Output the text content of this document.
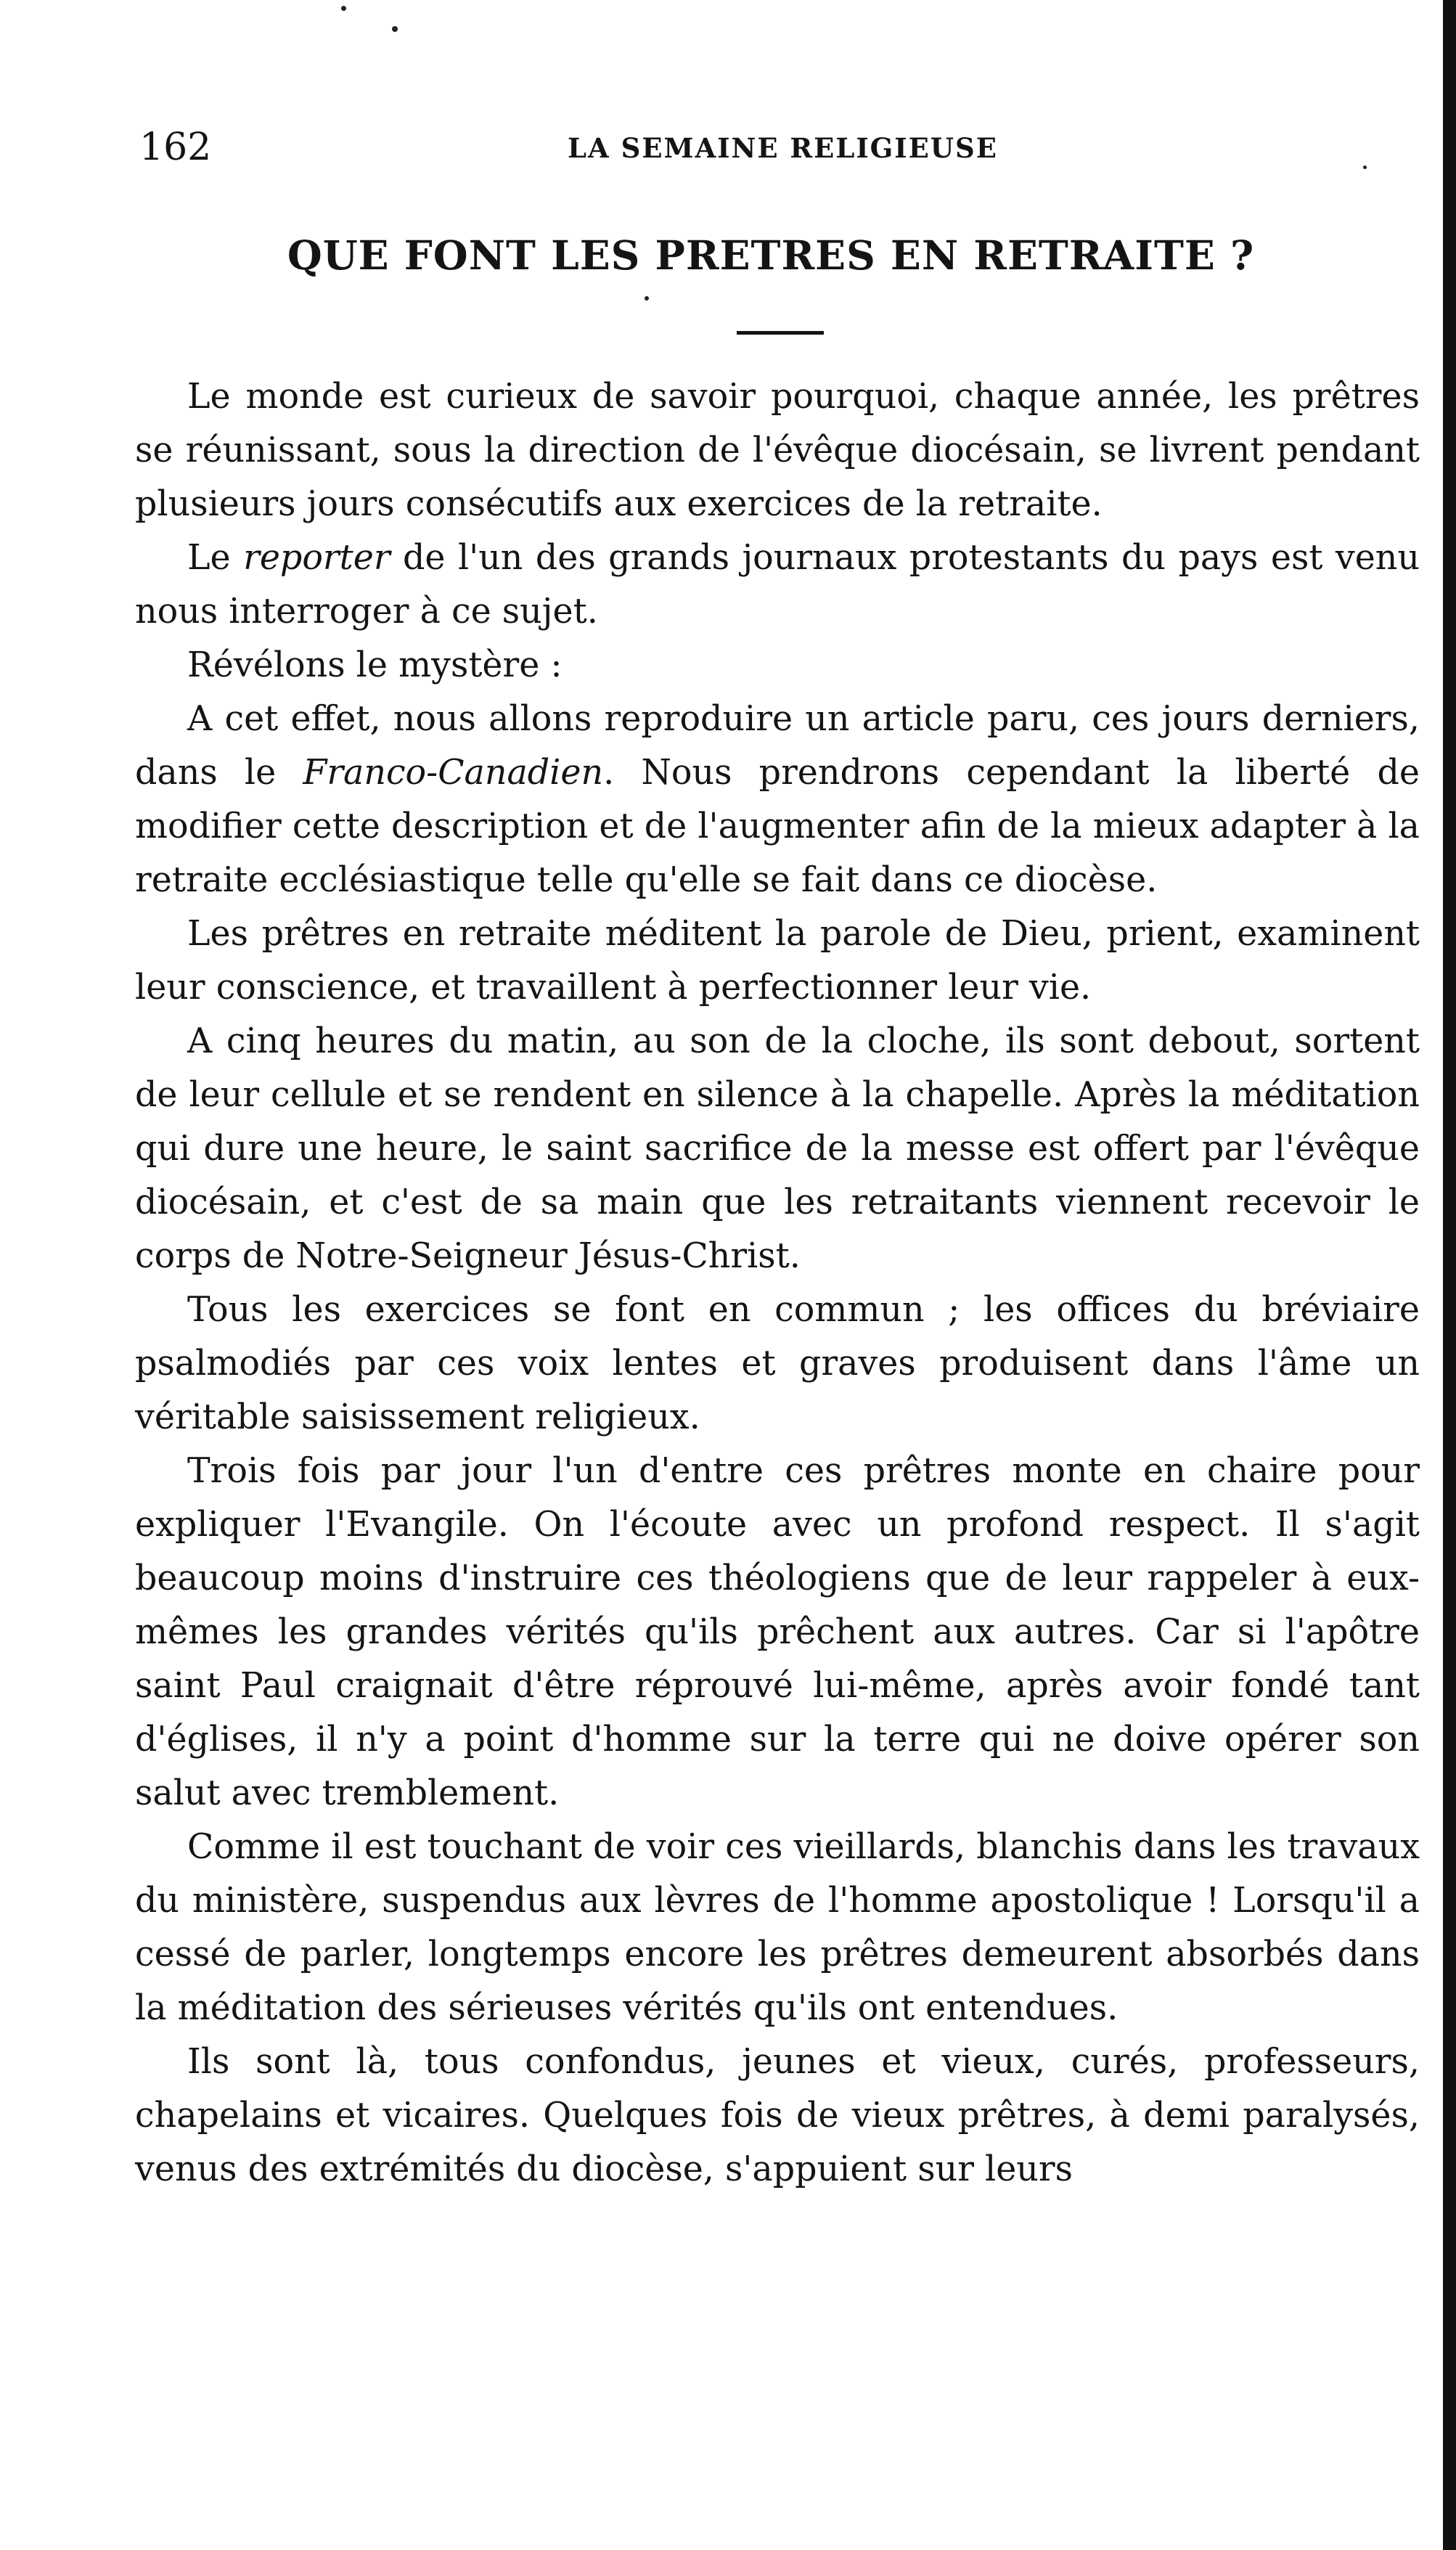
162	LA SEMAINE RELIGIEUSE
QUE FONT LES PRETRES EN RETRAITE ?

Le monde est curieux de savoir pourquoi, chaque année, les prêtres se réunissant, sous la direction de l'évêque diocésain, se livrent pendant plusieurs jours consécutifs aux exercices de la retraite.

Le reporter de l'un des grands journaux protestants du pays est venu nous interroger à ce sujet.

Révélons le mystère :

A cet effet, nous allons reproduire un article paru, ces jours derniers, dans le Franco-Canadien. Nous prendrons cependant la liberté de modifier cette description et de l'augmenter afin de la mieux adapter à la retraite ecclésiastique telle qu'elle se fait dans ce diocèse.

Les prêtres en retraite méditent la parole de Dieu, prient, examinent leur conscience, et travaillent à perfectionner leur vie.

A cinq heures du matin, au son de la cloche, ils sont debout, sortent de leur cellule et se rendent en silence à la chapelle. Après la méditation qui dure une heure, le saint sacrifice de la messe est offert par l'évêque diocésain, et c'est de sa main que les retraitants viennent recevoir le corps de Notre-Seigneur Jésus-Christ.

Tous les exercices se font en commun ; les offices du bréviaire psalmodiés par ces voix lentes et graves produisent dans l'âme un véritable saisissement religieux.

Trois fois par jour l'un d'entre ces prêtres monte en chaire pour expliquer l'Evangile. On l'écoute avec un profond respect. Il s'agit beaucoup moins d'instruire ces théologiens que de leur rappeler à eux-mêmes les grandes vérités qu'ils prêchent aux autres. Car si l'apôtre saint Paul craignait d'être réprouvé lui-même, après avoir fondé tant d'églises, il n'y a point d'homme sur la terre qui ne doive opérer son salut avec tremblement.

Comme il est touchant de voir ces vieillards, blanchis dans les travaux du ministère, suspendus aux lèvres de l'homme apostolique ! Lorsqu'il a cessé de parler, longtemps encore les prêtres demeurent absorbés dans la méditation des sérieuses vérités qu'ils ont entendues.

Ils sont là, tous confondus, jeunes et vieux, curés, professeurs, chapelains et vicaires. Quelques fois de vieux prêtres, à demi paralysés, venus des extrémités du diocèse, s'appuient sur leurs
